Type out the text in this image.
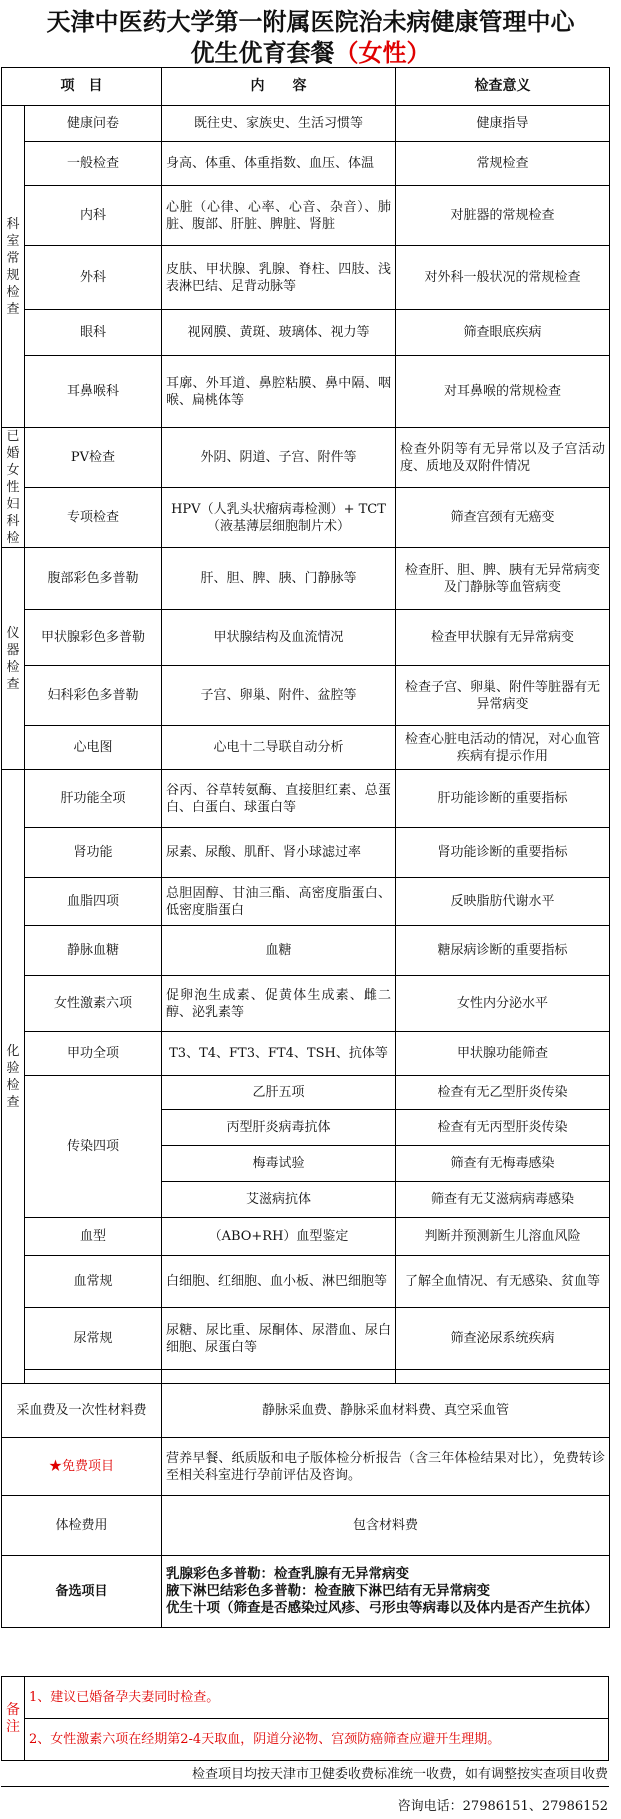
天津中医药大学第一附属医院治未病健康管理中心
优生优育套餐（女性）
项　目		内　　容	检查意义
科室常规检查	健康问卷	既往史、家族史、生活习惯等	健康指导
	一般检查	身高、体重、体重指数、血压、体温	常规检查
	内科	心脏（心律、心率、心音、杂音）、肺脏、腹部、肝脏、脾脏、肾脏	对脏器的常规检查
	外科	皮肤、甲状腺、乳腺、脊柱、四肢、浅表淋巴结、足背动脉等	对外科一般状况的常规检查
	眼科	视网膜、黄斑、玻璃体、视力等	筛查眼底疾病
	耳鼻喉科	耳廓、外耳道、鼻腔粘膜、鼻中隔、咽喉、扁桃体等	对耳鼻喉的常规检查
已婚女性妇科检	PV检查	外阴、阴道、子宫、附件等	检查外阴等有无异常以及子宫活动度、质地及双附件情况
	专项检查	HPV（人乳头状瘤病毒检测）+ TCT（液基薄层细胞制片术）	筛查宫颈有无癌变
仪器检查	腹部彩色多普勒	肝、胆、脾、胰、门静脉等	检查肝、胆、脾、胰有无异常病变及门静脉等血管病变
	甲状腺彩色多普勒	甲状腺结构及血流情况	检查甲状腺有无异常病变
	妇科彩色多普勒	子宫、卵巢、附件、盆腔等	检查子宫、卵巢、附件等脏器有无异常病变
	心电图	心电十二导联自动分析	检查心脏电活动的情况，对心血管疾病有提示作用
化验检查	肝功能全项	谷丙、谷草转氨酶、直接胆红素、总蛋白、白蛋白、球蛋白等	肝功能诊断的重要指标
	肾功能	尿素、尿酸、肌酐、肾小球滤过率	肾功能诊断的重要指标
	血脂四项	总胆固醇、甘油三酯、高密度脂蛋白、低密度脂蛋白	反映脂肪代谢水平
	静脉血糖	血糖	糖尿病诊断的重要指标
	女性激素六项	促卵泡生成素、促黄体生成素、雌二醇、泌乳素等	女性内分泌水平
	甲功全项	T3、T4、FT3、FT4、TSH、抗体等	甲状腺功能筛查
	传染四项	乙肝五项	检查有无乙型肝炎传染
		丙型肝炎病毒抗体	检查有无丙型肝炎传染
		梅毒试验	筛查有无梅毒感染
		艾滋病抗体	筛查有无艾滋病病毒感染
	血型	（ABO+RH）血型鉴定	判断并预测新生儿溶血风险
	血常规	白细胞、红细胞、血小板、淋巴细胞等	了解全血情况、有无感染、贫血等
	尿常规	尿糖、尿比重、尿酮体、尿潜血、尿白细胞、尿蛋白等	筛查泌尿系统疾病

采血费及一次性材料费		静脉采血费、静脉采血材料费、真空采血管	
★免费项目		营养早餐、纸质版和电子版体检分析报告（含三年体检结果对比），免费转诊至相关科室进行孕前评估及咨询。	
体检费用		包含材料费	
备选项目		乳腺彩色多普勒：检查乳腺有无异常病变
腋下淋巴结彩色多普勒：检查腋下淋巴结有无异常病变
优生十项（筛查是否感染过风疹、弓形虫等病毒以及体内是否产生抗体）	
备注	1、建议已婚备孕夫妻同时检查。
2、女性激素六项在经期第2-4天取血，阴道分泌物、宫颈防癌筛查应避开生理期。
检查项目均按天津市卫健委收费标准统一收费，如有调整按实查项目收费
咨询电话：27986151、27986152
